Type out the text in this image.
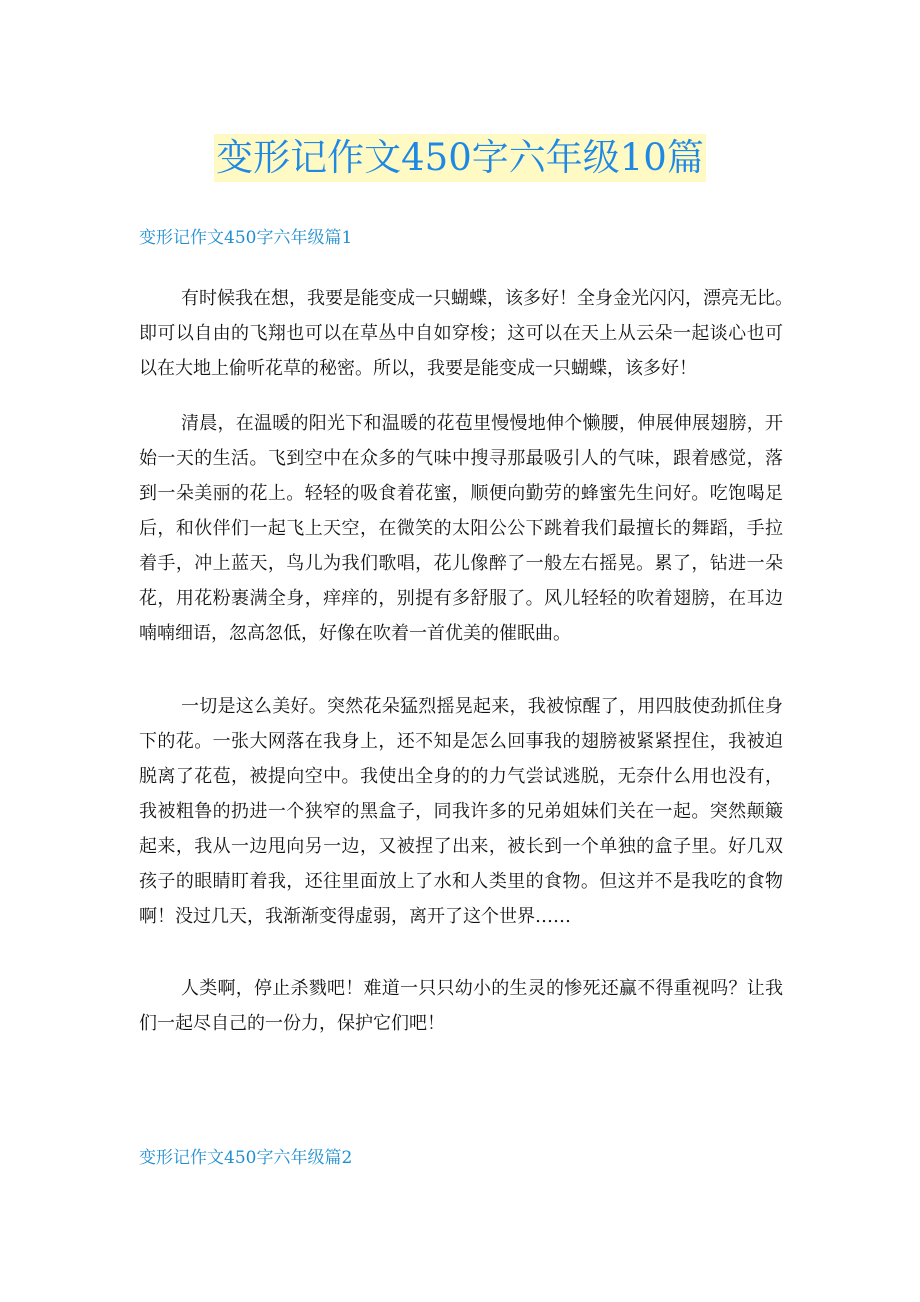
变形记作文450字六年级10篇
变形记作文450字六年级篇1
有时候我在想，我要是能变成一只蝴蝶，该多好！全身金光闪闪，漂亮无比。
即可以自由的飞翔也可以在草丛中自如穿梭；这可以在天上从云朵一起谈心也可
以在大地上偷听花草的秘密。所以，我要是能变成一只蝴蝶，该多好！
清晨，在温暖的阳光下和温暖的花苞里慢慢地伸个懒腰，伸展伸展翅膀，开
始一天的生活。飞到空中在众多的气味中搜寻那最吸引人的气味，跟着感觉，落
到一朵美丽的花上。轻轻的吸食着花蜜，顺便向勤劳的蜂蜜先生问好。吃饱喝足
后，和伙伴们一起飞上天空，在微笑的太阳公公下跳着我们最擅长的舞蹈，手拉
着手，冲上蓝天，鸟儿为我们歌唱，花儿像醉了一般左右摇晃。累了，钻进一朵
花，用花粉裹满全身，痒痒的，别提有多舒服了。风儿轻轻的吹着翅膀，在耳边
喃喃细语，忽高忽低，好像在吹着一首优美的催眠曲。
一切是这么美好。突然花朵猛烈摇晃起来，我被惊醒了，用四肢使劲抓住身
下的花。一张大网落在我身上，还不知是怎么回事我的翅膀被紧紧捏住，我被迫
脱离了花苞，被提向空中。我使出全身的的力气尝试逃脱，无奈什么用也没有，
我被粗鲁的扔进一个狭窄的黑盒子，同我许多的兄弟姐妹们关在一起。突然颠簸
起来，我从一边甩向另一边，又被捏了出来，被长到一个单独的盒子里。好几双
孩子的眼睛盯着我，还往里面放上了水和人类里的食物。但这并不是我吃的食物
啊！没过几天，我渐渐变得虚弱，离开了这个世界……
人类啊，停止杀戮吧！难道一只只幼小的生灵的惨死还赢不得重视吗？让我
们一起尽自己的一份力，保护它们吧！
变形记作文450字六年级篇2
